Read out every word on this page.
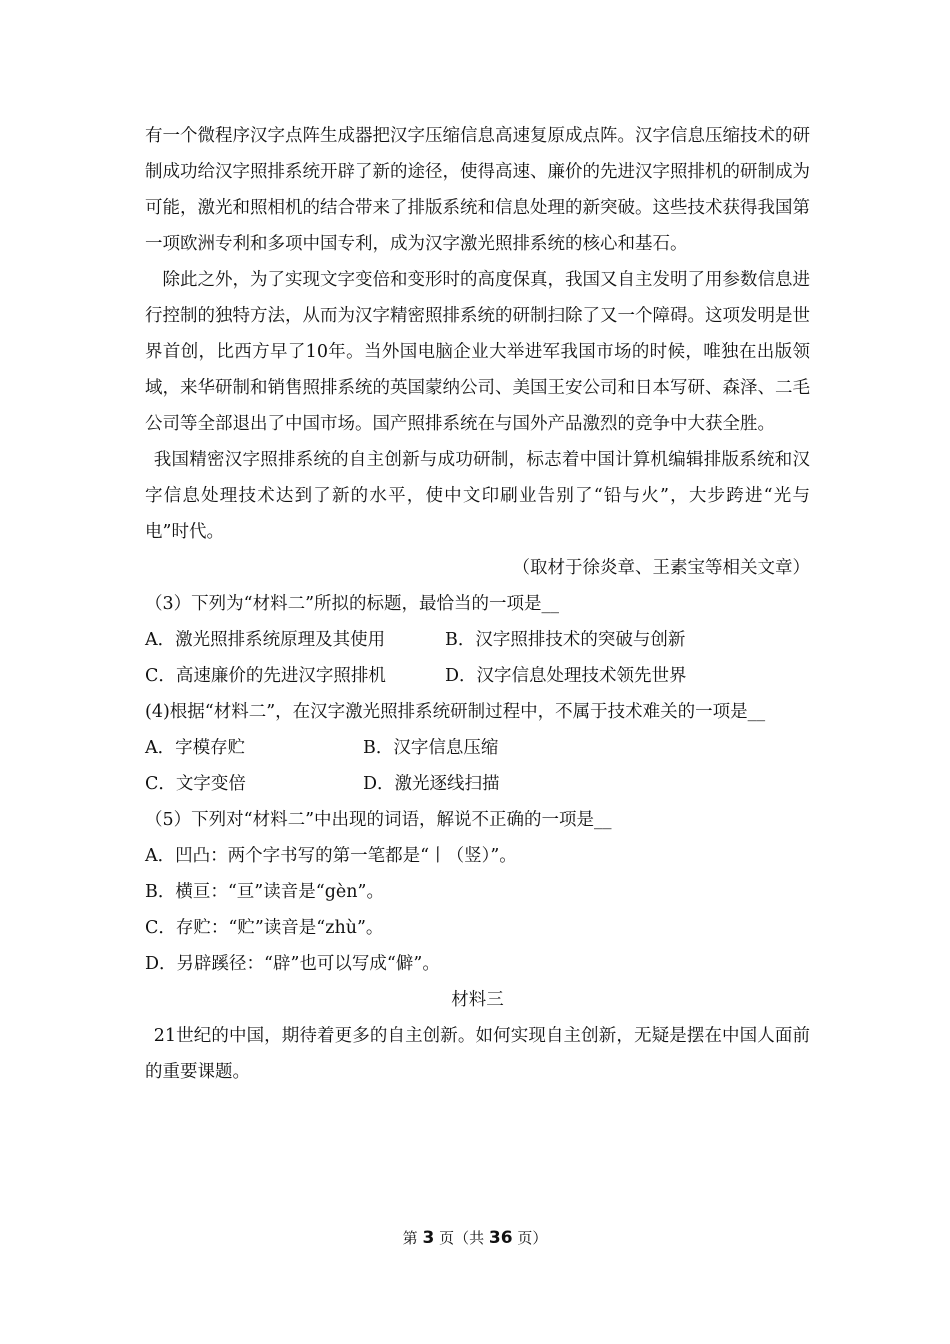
有一个微程序汉字点阵生成器把汉字压缩信息高速复原成点阵。汉字信息压缩技术的研制成功给汉字照排系统开辟了新的途径，使得高速、廉价的先进汉字照排机的研制成为可能，激光和照相机的结合带来了排版系统和信息处理的新突破。这些技术获得我国第一项欧洲专利和多项中国专利，成为汉字激光照排系统的核心和基石。

除此之外，为了实现文字变倍和变形时的高度保真，我国又自主发明了用参数信息进行控制的独特方法，从而为汉字精密照排系统的研制扫除了又一个障碍。这项发明是世界首创，比西方早了10年。当外国电脑企业大举进军我国市场的时候，唯独在出版领域，来华研制和销售照排系统的英国蒙纳公司、美国王安公司和日本写研、森泽、二毛公司等全部退出了中国市场。国产照排系统在与国外产品激烈的竞争中大获全胜。

我国精密汉字照排系统的自主创新与成功研制，标志着中国计算机编辑排版系统和汉字信息处理技术达到了新的水平，使中文印刷业告别了“铅与火”，大步跨进“光与电”时代。

（取材于徐炎章、王素宝等相关文章）

（3）下列为“材料二”所拟的标题，最恰当的一项是__

A．激光照排系统原理及其使用	B．汉字照排技术的突破与创新
C．高速廉价的先进汉字照排机	D．汉字信息处理技术领先世界

(4)根据“材料二”，在汉字激光照排系统研制过程中，不属于技术难关的一项是__

A．字模存贮	B．汉字信息压缩
C．文字变倍	D．激光逐线扫描

（5）下列对“材料二”中出现的词语，解说不正确的一项是__

A．凹凸：两个字书写的第一笔都是“丨（竖）”。

B．横亘：“亘”读音是“gèn”。

C．存贮：“贮”读音是“zhù”。

D．另辟蹊径：“辟”也可以写成“僻”。

材料三

21世纪的中国，期待着更多的自主创新。如何实现自主创新，无疑是摆在中国人面前的重要课题。

第 3 页（共 36 页）
